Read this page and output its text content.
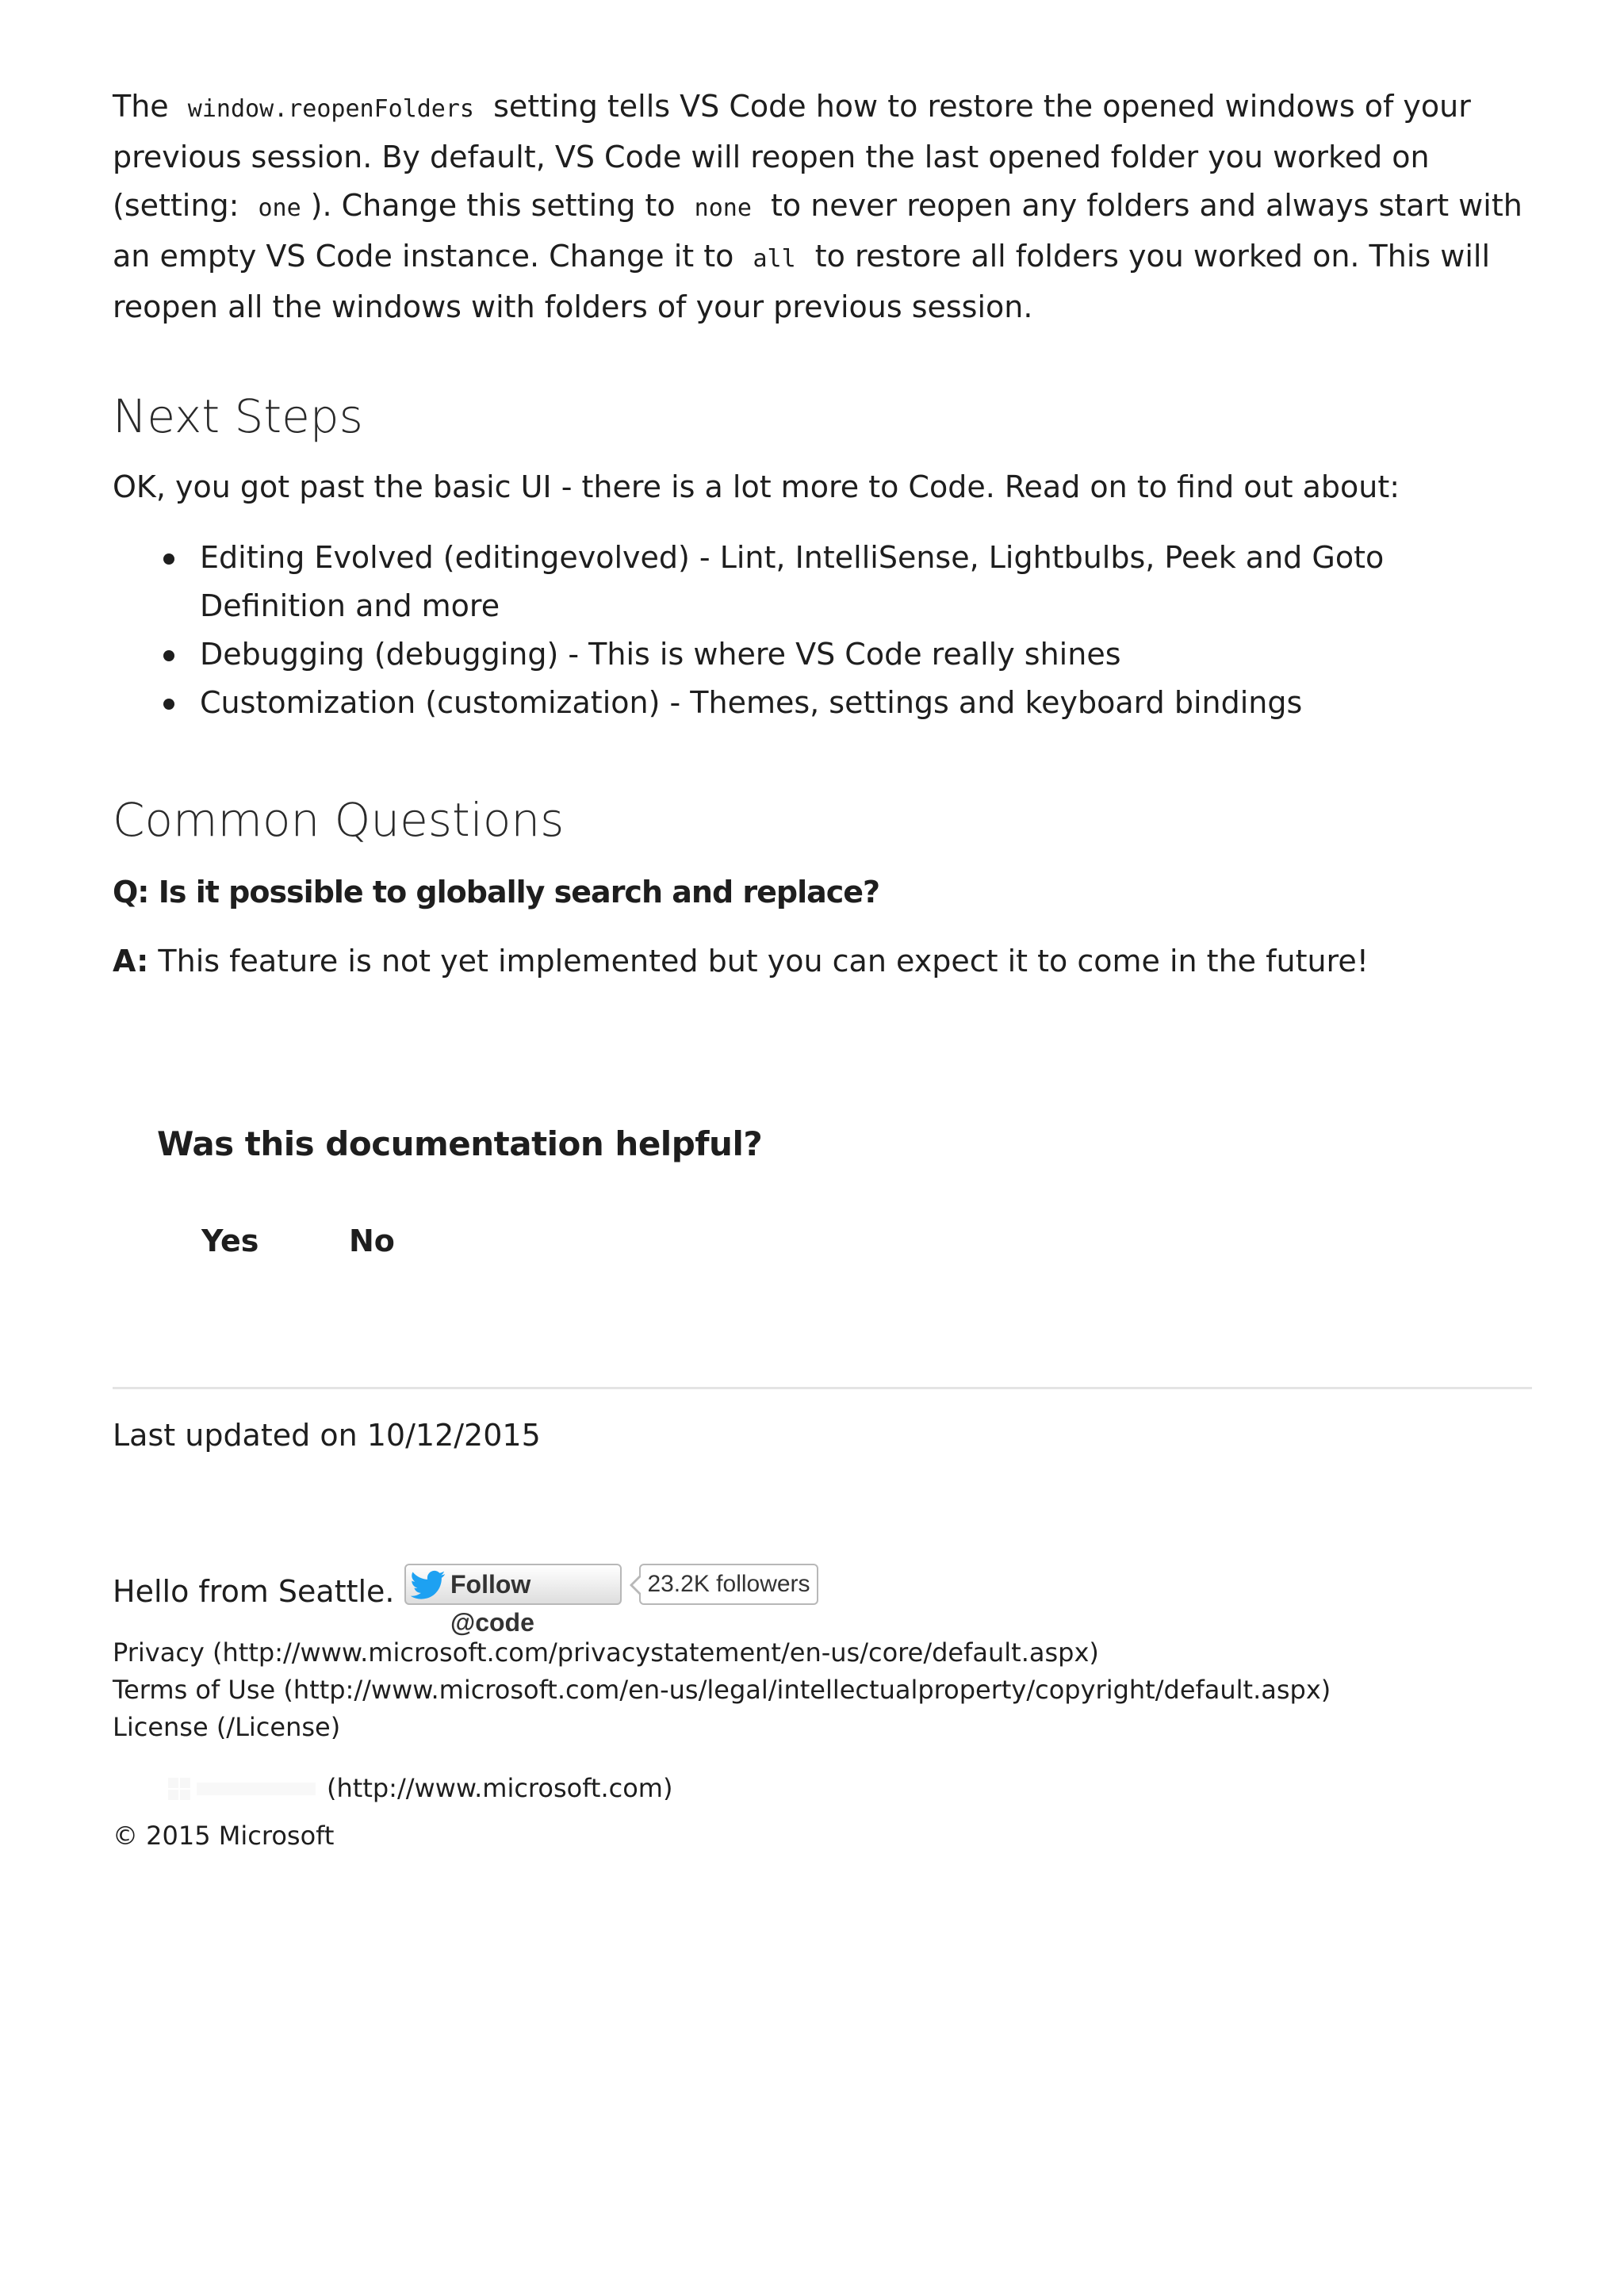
The window.reopenFolders setting tells VS Code how to restore the opened windows of your previous session. By default, VS Code will reopen the last opened folder you worked on (setting: one ). Change this setting to none to never reopen any folders and always start with an empty VS Code instance. Change it to all to restore all folders you worked on. This will reopen all the windows with folders of your previous session.

Next Steps

OK, you got past the basic UI - there is a lot more to Code. Read on to find out about:

Editing Evolved (editingevolved) - Lint, IntelliSense, Lightbulbs, Peek and Goto Definition and more
Debugging (debugging) - This is where VS Code really shines
Customization (customization) - Themes, settings and keyboard bindings
Common Questions
Q: Is it possible to globally search and replace?
A: This feature is not yet implemented but you can expect it to come in the future!
Was this documentation helpful?
Yes	No
Last updated on 10/12/2015
Hello from Seattle.	Follow @code
23.2K followers
Privacy (http://www.microsoft.com/privacystatement/en-us/core/default.aspx)
Terms of Use (http://www.microsoft.com/en-us/legal/intellectualproperty/copyright/default.aspx)
License (/License)
(http://www.microsoft.com)
© 2015 Microsoft
